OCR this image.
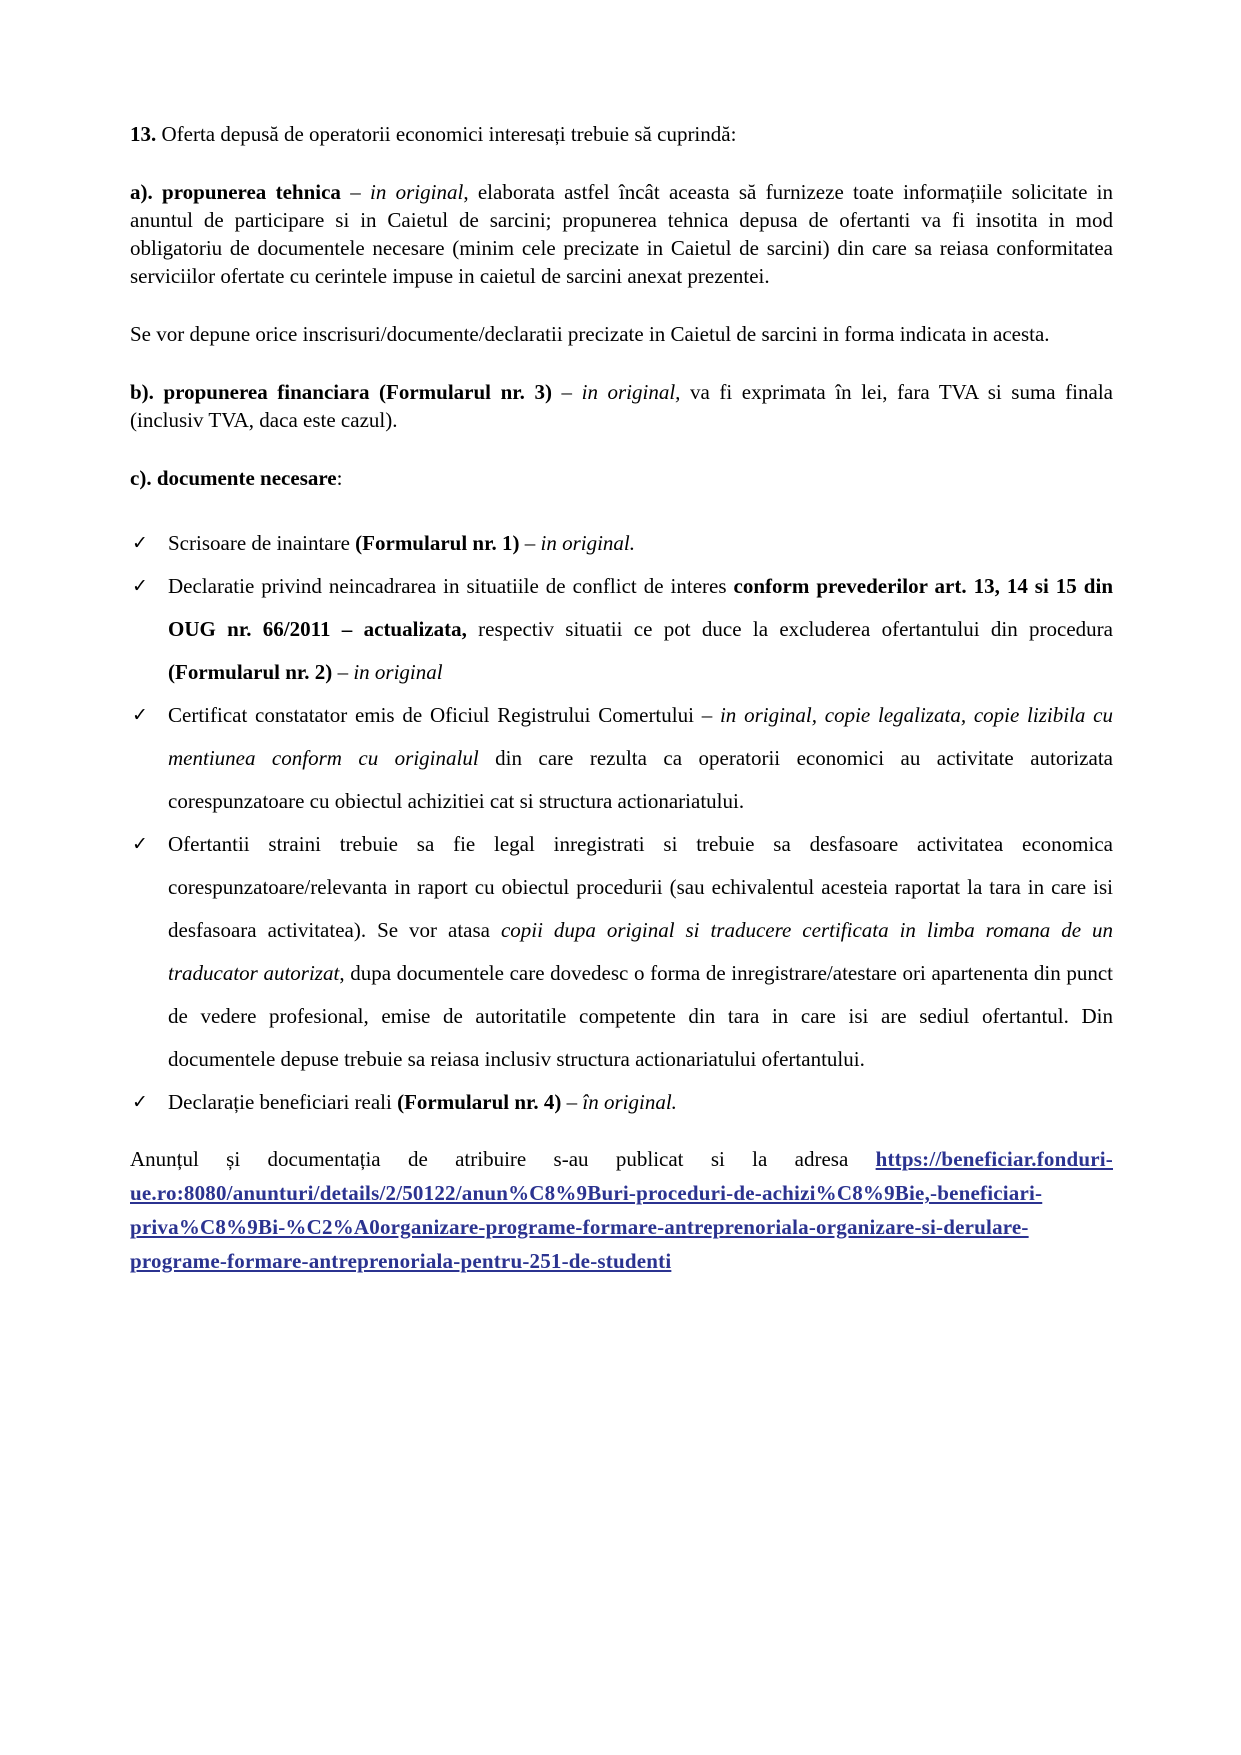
13. Oferta depusă de operatorii economici interesați trebuie să cuprindă:

a). propunerea tehnica – in original, elaborata astfel încât aceasta să furnizeze toate informațiile solicitate in anuntul de participare si in Caietul de sarcini; propunerea tehnica depusa de ofertanti va fi insotita in mod obligatoriu de documentele necesare (minim cele precizate in Caietul de sarcini) din care sa reiasa conformitatea serviciilor ofertate cu cerintele impuse in caietul de sarcini anexat prezentei.

Se vor depune orice inscrisuri/documente/declaratii precizate in Caietul de sarcini in forma indicata in acesta.

b). propunerea financiara (Formularul nr. 3) – in original, va fi exprimata în lei, fara TVA si suma finala (inclusiv TVA, daca este cazul).

c). documente necesare:

✓ Scrisoare de inaintare (Formularul nr. 1) – in original.
✓ Declaratie privind neincadrarea in situatiile de conflict de interes conform prevederilor art. 13, 14 si 15 din OUG nr. 66/2011 – actualizata, respectiv situatii ce pot duce la excluderea ofertantului din procedura (Formularul nr. 2) – in original
✓ Certificat constatator emis de Oficiul Registrului Comertului – in original, copie legalizata, copie lizibila cu mentiunea conform cu originalul din care rezulta ca operatorii economici au activitate autorizata corespunzatoare cu obiectul achizitiei cat si structura actionariatului.
✓ Ofertantii straini trebuie sa fie legal inregistrati si trebuie sa desfasoare activitatea economica corespunzatoare/relevanta in raport cu obiectul procedurii (sau echivalentul acesteia raportat la tara in care isi desfasoara activitatea). Se vor atasa copii dupa original si traducere certificata in limba romana de un traducator autorizat, dupa documentele care dovedesc o forma de inregistrare/atestare ori apartenenta din punct de vedere profesional, emise de autoritatile competente din tara in care isi are sediul ofertantul. Din documentele depuse trebuie sa reiasa inclusiv structura actionariatului ofertantului.
✓ Declarație beneficiari reali (Formularul nr. 4) – în original.

Anunțul și documentația de atribuire s-au publicat si la adresa https://beneficiar.fonduri-ue.ro:8080/anunturi/details/2/50122/anun%C8%9Buri-proceduri-de-achizi%C8%9Bie,-beneficiari-priva%C8%9Bi-%C2%A0organizare-programe-formare-antreprenoriala-organizare-si-derulare-programe-formare-antreprenoriala-pentru-251-de-studenti
